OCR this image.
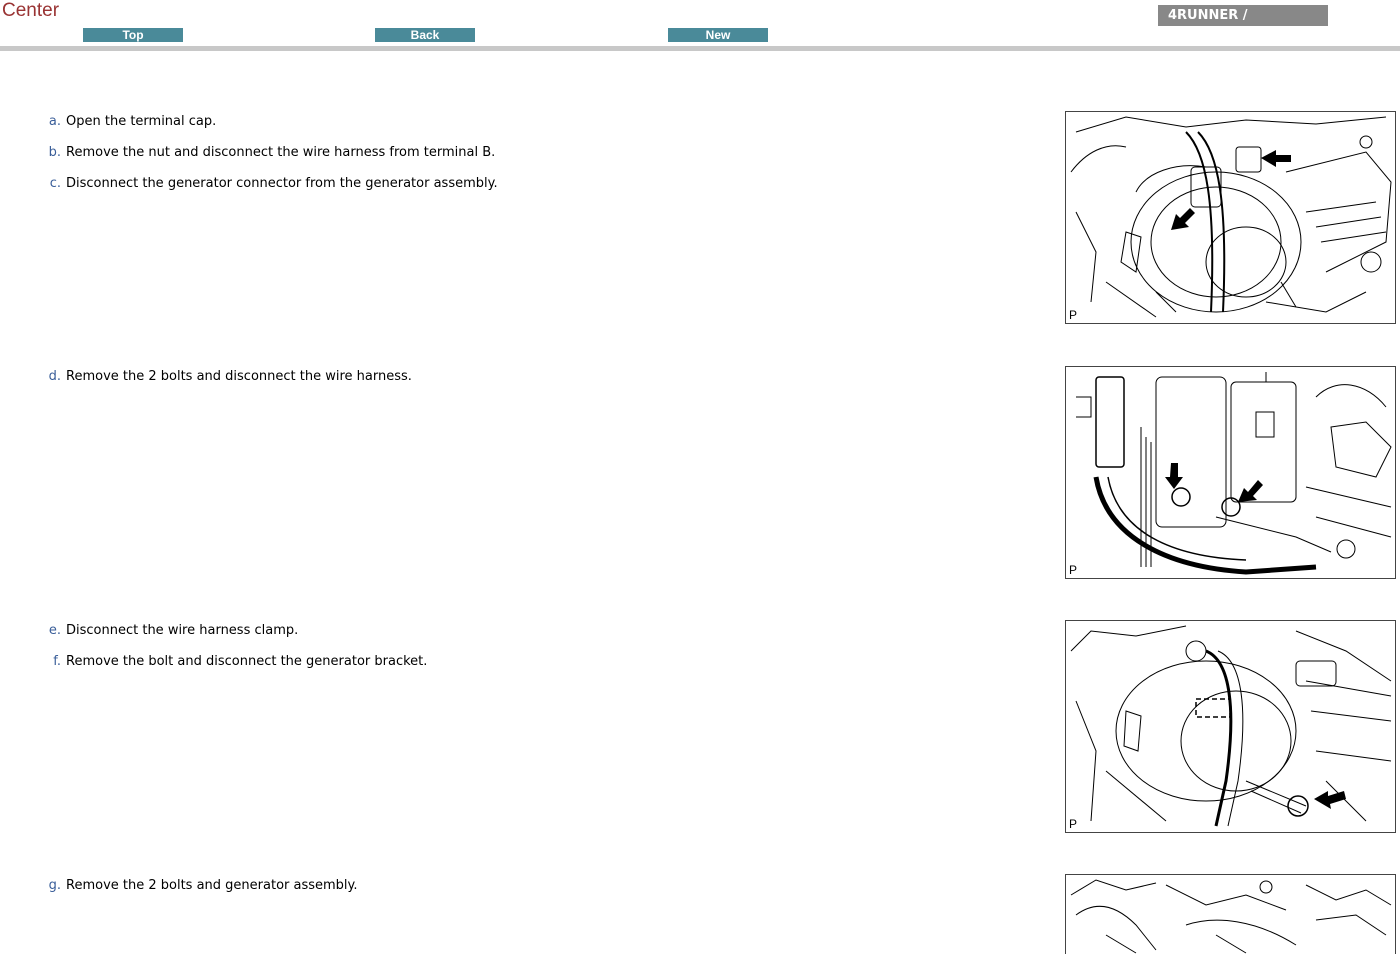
Center
Top	Back	New
4RUNNER /
a. Open the terminal cap.
b. Remove the nut and disconnect the wire harness from terminal B.
c. Disconnect the generator connector from the generator assembly.
d. Remove the 2 bolts and disconnect the wire harness.
e. Disconnect the wire harness clamp.
f. Remove the bolt and disconnect the generator bracket.
g. Remove the 2 bolts and generator assembly.
P
P
P
